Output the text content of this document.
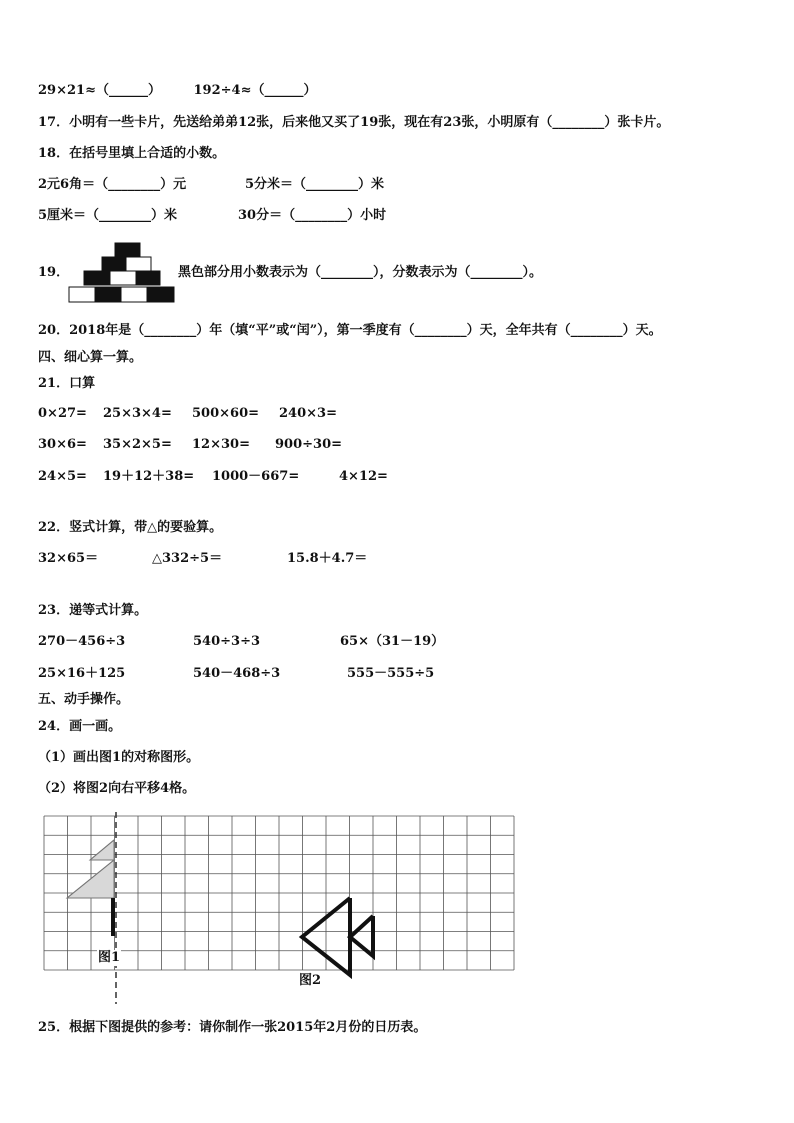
29×21≈（______）	192÷4≈（______）
17．小明有一些卡片，先送给弟弟12张，后来他又买了19张，现在有23张，小明原有（________）张卡片。
18．在括号里填上合适的小数。
2元6角＝（________）元	5分米＝（________）米
5厘米＝（________）米	30分＝（________）小时
19．	黑色部分用小数表示为（________），分数表示为（________）。
20．2018年是（________）年（填“平”或“闰”），第一季度有（________）天，全年共有（________）天。
四、细心算一算。
21．口算
0×27= 25×3×4= 500×60= 240×3=
30×6= 35×2×5= 12×30= 900÷30=
24×5= 19＋12＋38= 1000－667=	4×12=
22．竖式计算，带△的要验算。
32×65＝	△332÷5＝	15.8＋4.7＝
23．递等式计算。
270－456÷3	540÷3÷3	65×（31－19）
25×16＋125	540－468÷3	555－555÷5
五、动手操作。
24．画一画。
（1）画出图1的对称图形。
（2）将图2向右平移4格。
图1
图2
25．根据下图提供的参考：请你制作一张2015年2月份的日历表。
